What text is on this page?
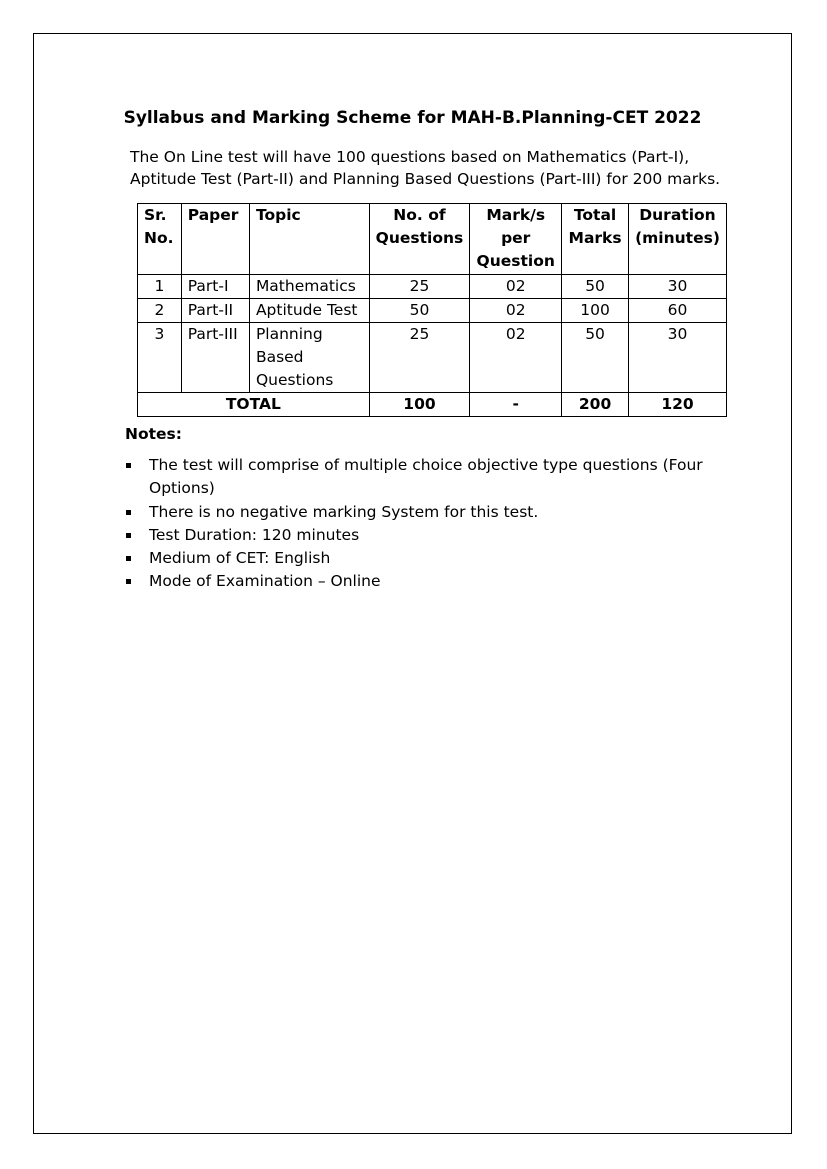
Syllabus and Marking Scheme for MAH-B.Planning-CET 2022
The On Line test will have 100 questions based on Mathematics (Part-I), Aptitude Test (Part-II) and Planning Based Questions (Part-III) for 200 marks.
Sr. No.	Paper	Topic	No. of Questions	Mark/s per Question	Total Marks	Duration (minutes)
1	Part-I	Mathematics	25	02	50	30
2	Part-II	Aptitude Test	50	02	100	60
3	Part-III	Planning Based Questions	25	02	50	30
TOTAL			100	-	200	120
Notes:
The test will comprise of multiple choice objective type questions (Four Options)
There is no negative marking System for this test.
Test Duration: 120 minutes
Medium of CET: English
Mode of Examination – Online
